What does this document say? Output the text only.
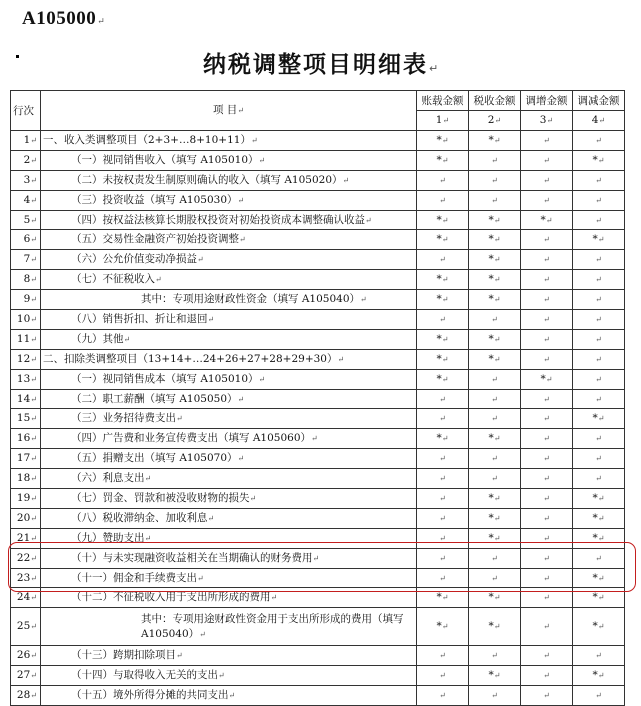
A105000↵
纳税调整项目明细表↵
行次	项 目↵	账载金额	税收金额	调增金额	调减金额
		1↵	2↵	3↵	4↵
1↵	一、收入类调整项目（2+3+…8+10+11）↵	*↵	*↵	↵	↵
2↵	（一）视同销售收入（填写 A105010）↵	*↵	↵	↵	*↵
3↵	（二）未按权责发生制原则确认的收入（填写 A105020）↵	↵	↵	↵	↵
4↵	（三）投资收益（填写 A105030）↵	↵	↵	↵	↵
5↵	（四）按权益法核算长期股权投资对初始投资成本调整确认收益↵	*↵	*↵	*↵	↵
6↵	（五）交易性金融资产初始投资调整↵	*↵	*↵	↵	*↵
7↵	（六）公允价值变动净损益↵	↵	*↵	↵	↵
8↵	（七）不征税收入↵	*↵	*↵	↵	↵
9↵	其中：专项用途财政性资金（填写 A105040）↵	*↵	*↵	↵	↵
10↵	（八）销售折扣、折让和退回↵	↵	↵	↵	↵
11↵	（九）其他↵	*↵	*↵	↵	↵
12↵	二、扣除类调整项目（13+14+…24+26+27+28+29+30）↵	*↵	*↵	↵	↵
13↵	（一）视同销售成本（填写 A105010）↵	*↵	↵	*↵	↵
14↵	（二）职工薪酬（填写 A105050）↵	↵	↵	↵	↵
15↵	（三）业务招待费支出↵	↵	↵	↵	*↵
16↵	（四）广告费和业务宣传费支出（填写 A105060）↵	*↵	*↵	↵	↵
17↵	（五）捐赠支出（填写 A105070）↵	↵	↵	↵	↵
18↵	（六）利息支出↵	↵	↵	↵	↵
19↵	（七）罚金、罚款和被没收财物的损失↵	↵	*↵	↵	*↵
20↵	（八）税收滞纳金、加收利息↵	↵	*↵	↵	*↵
21↵	（九）赞助支出↵	↵	*↵	↵	*↵
22↵	（十）与未实现融资收益相关在当期确认的财务费用↵	↵	↵	↵	↵
23↵	（十一）佣金和手续费支出↵	↵	↵	↵	*↵
24↵	（十二）不征税收入用于支出所形成的费用↵	*↵	*↵	↵	*↵
25↵	其中：专项用途财政性资金用于支出所形成的费用（填写 A105040）↵	*↵	*↵	↵	*↵
26↵	（十三）跨期扣除项目↵	↵	↵	↵	↵
27↵	（十四）与取得收入无关的支出↵	↵	*↵	↵	*↵
28↵	（十五）境外所得分摊的共同支出↵	↵	↵	↵	↵
